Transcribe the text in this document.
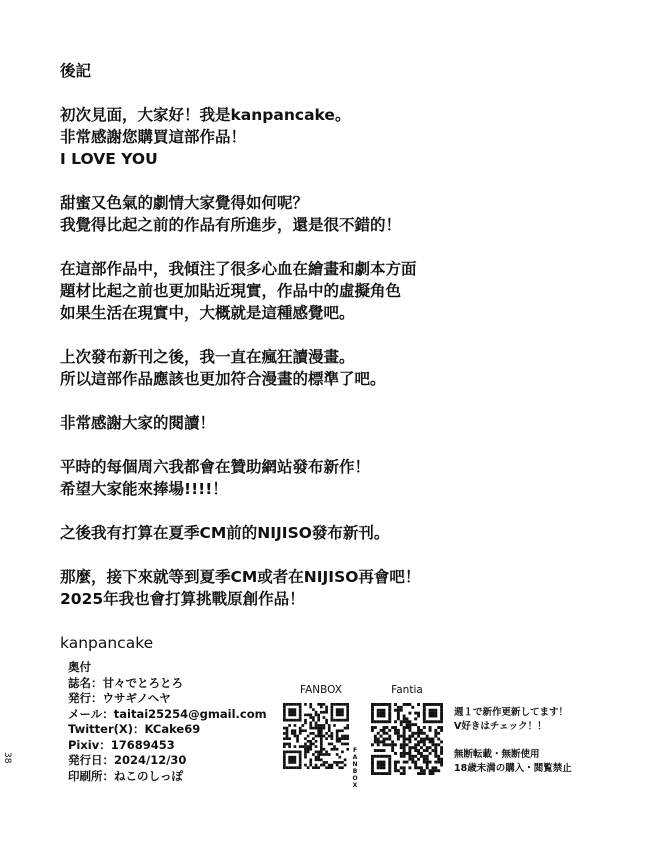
後記

初次見面，大家好！我是kanpancake。

非常感謝您購買這部作品！

I LOVE YOU

甜蜜又色氣的劇情大家覺得如何呢？

我覺得比起之前的作品有所進步，還是很不錯的！

在這部作品中，我傾注了很多心血在繪畫和劇本方面

題材比起之前也更加貼近現實，作品中的虛擬角色

如果生活在現實中，大概就是這種感覺吧。

上次發布新刊之後，我一直在瘋狂讀漫畫。

所以這部作品應該也更加符合漫畫的標準了吧。

非常感謝大家的閱讀！

平時的每個周六我都會在贊助網站發布新作！

希望大家能來捧場!!!!！

之後我有打算在夏季CM前的NIJISO發布新刊。

那麼，接下來就等到夏季CM或者在NIJISO再會吧！

2025年我也會打算挑戰原創作品！

kanpancake

奥付
誌名：甘々でとろとろ
発行：ウサギノヘヤ
メール：taitai25254@gmail.com
Twitter(X)：KCake69
Pixiv：17689453
発行日：2024/12/30
印刷所：ねこのしっぽ
FANBOX
FAN BOX
Fantia
週１で新作更新してます！
V好きはチェック！！
無断転載・無断使用
18歳未満の購入・閲覧禁止
38
